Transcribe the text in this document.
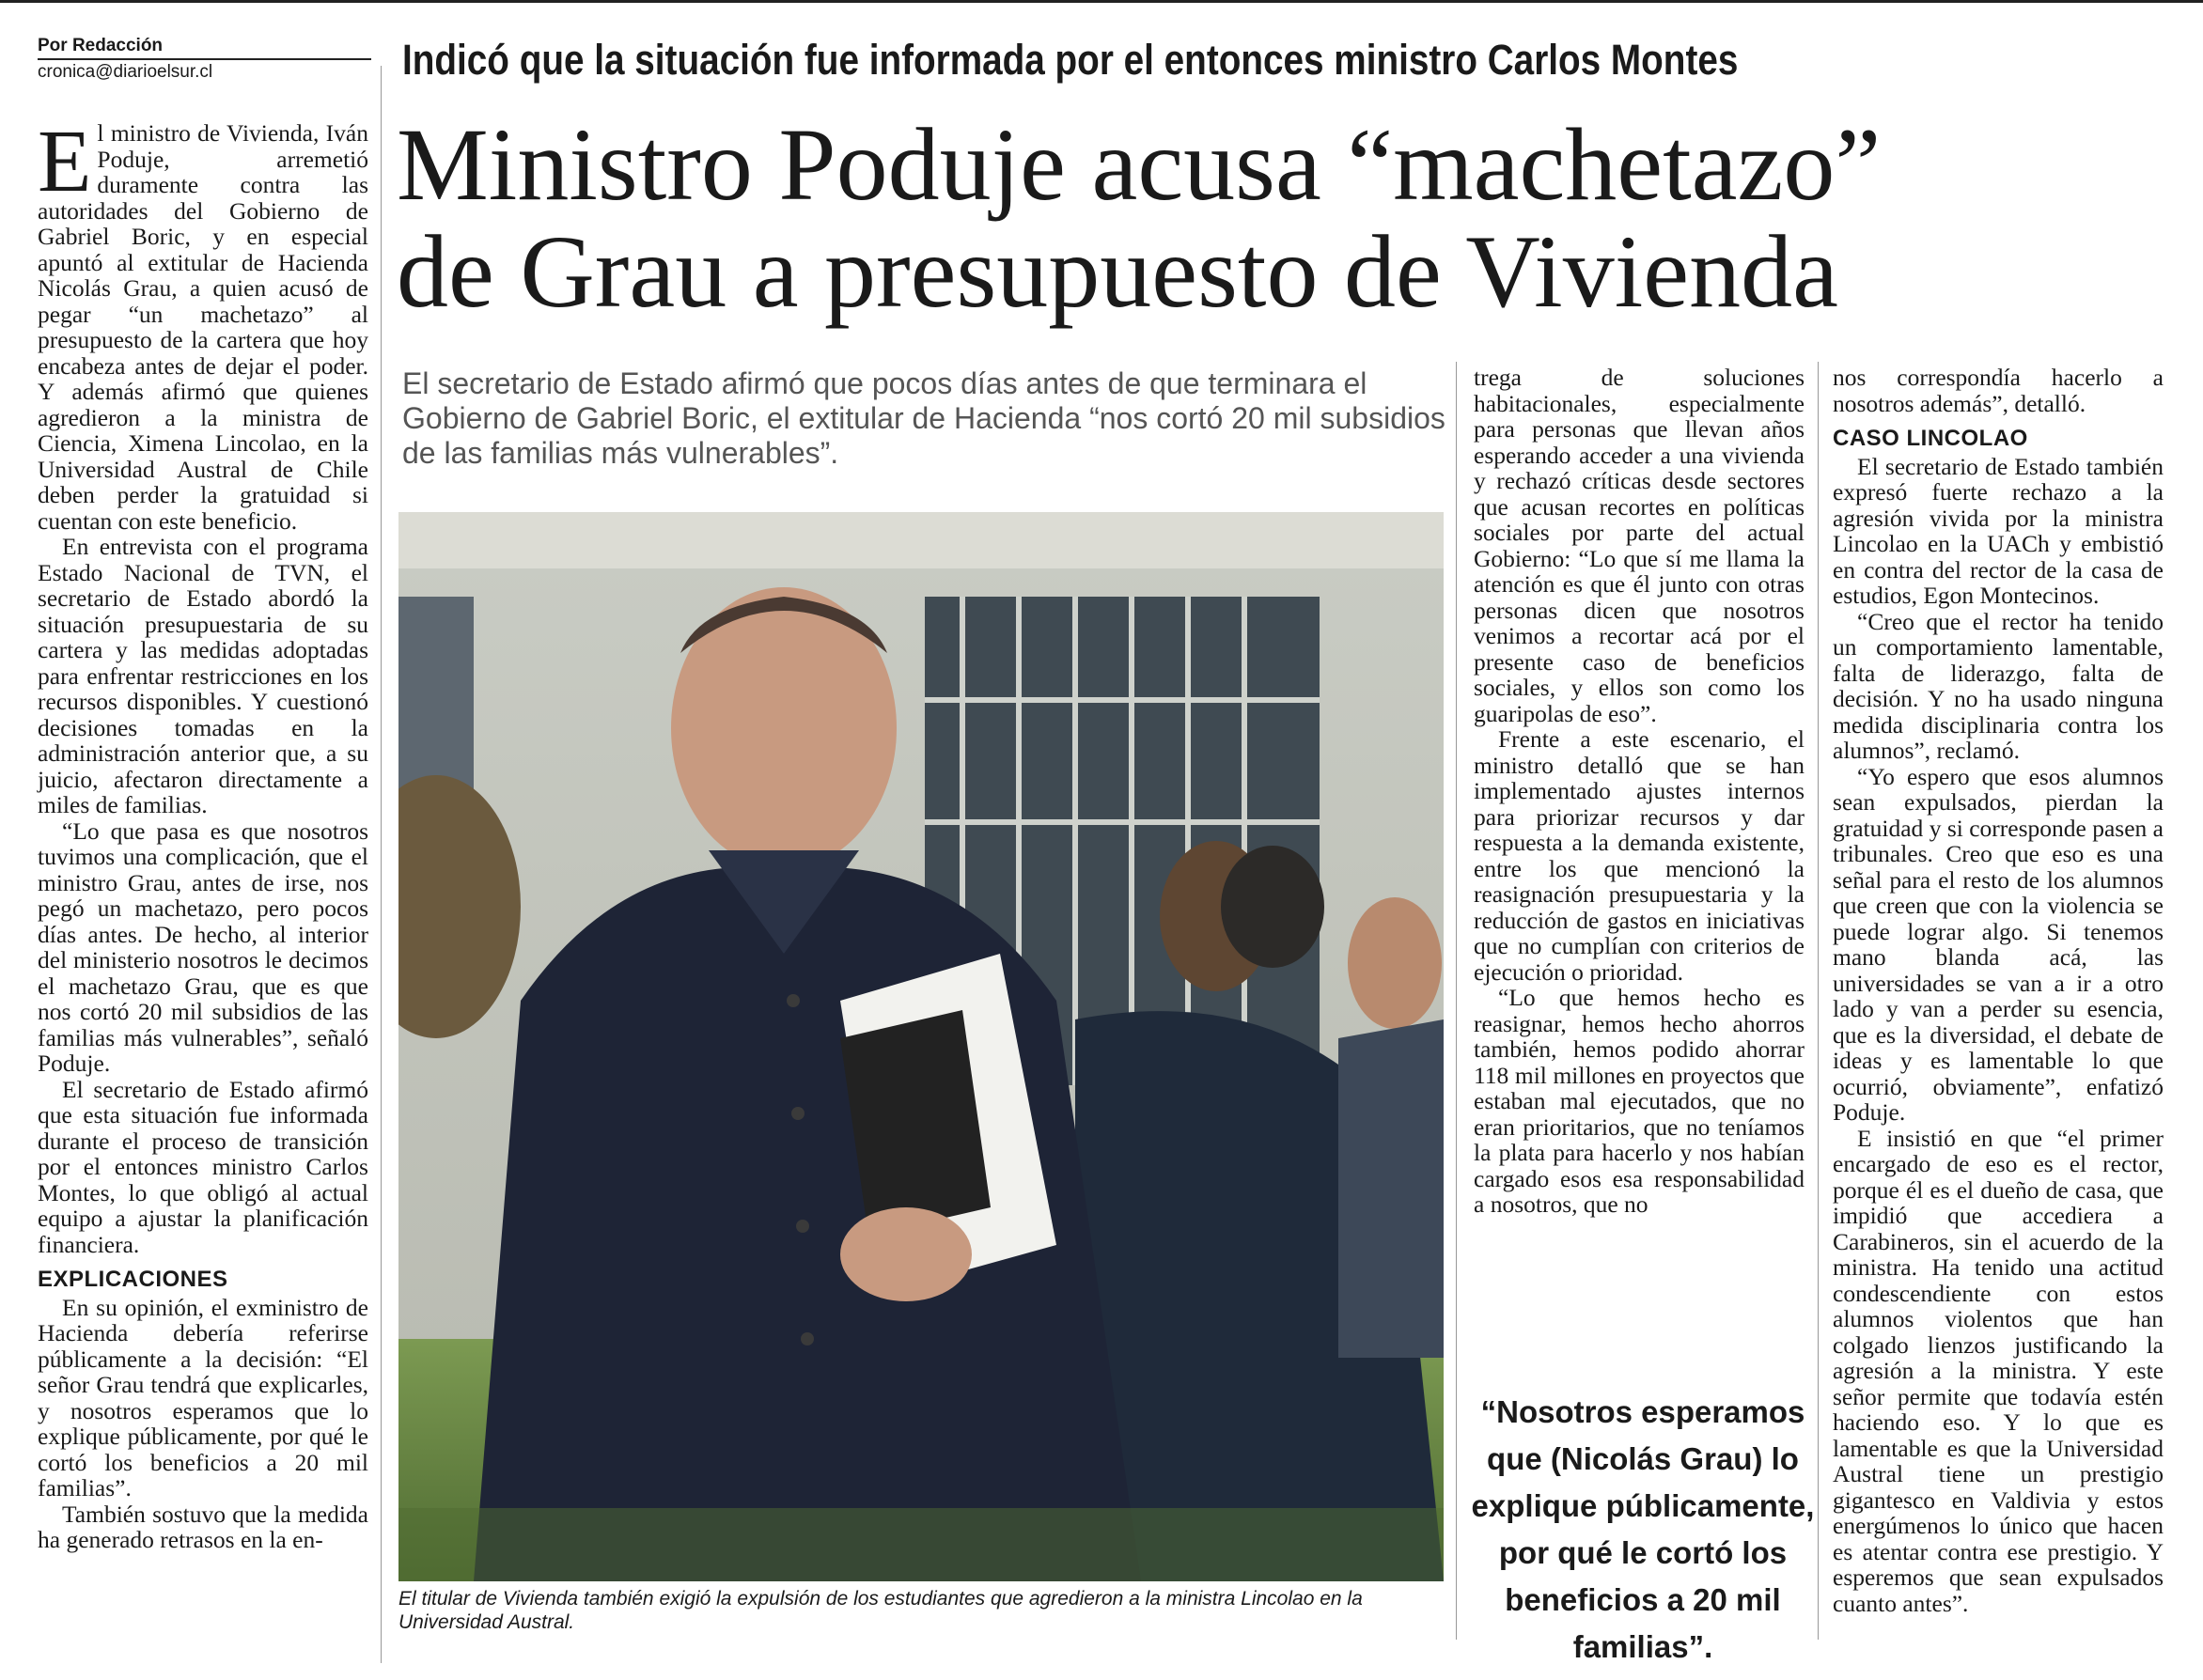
Por Redacción
cronica@diarioelsur.cl	Indicó que la situación fue informada por el entonces ministro Carlos Montes
Ministro Poduje acusa “machetazo”
de Grau a presupuesto de Vivienda
El secretario de Estado afirmó que pocos días antes de que terminara el Gobierno de Gabriel Boric, el extitular de Hacienda “nos cortó 20 mil subsidios de las familias más vulnerables”.

El ministro de Vivienda, Iván Poduje, arremetió duramente contra las autoridades del Gobierno de Gabriel Boric, y en especial apuntó al extitular de Hacienda Nicolás Grau, a quien acusó de pegar “un machetazo” al presupuesto de la cartera que hoy encabeza antes de dejar el poder. Y además afirmó que quienes agredieron a la ministra de Ciencia, Ximena Lincolao, en la Universidad Austral de Chile deben perder la gratuidad si cuentan con este beneficio.

En entrevista con el programa Estado Nacional de TVN, el secretario de Estado abordó la situación presupuestaria de su cartera y las medidas adoptadas para enfrentar restricciones en los recursos disponibles. Y cuestionó decisiones tomadas en la administración anterior que, a su juicio, afectaron directamente a miles de familias.

“Lo que pasa es que nosotros tuvimos una complicación, que el ministro Grau, antes de irse, nos pegó un machetazo, pero pocos días antes. De hecho, al interior del ministerio nosotros le decimos el machetazo Grau, que es que nos cortó 20 mil subsidios de las familias más vulnerables”, señaló Poduje.

El secretario de Estado afirmó que esta situación fue informada durante el proceso de transición por el entonces ministro Carlos Montes, lo que obligó al actual equipo a ajustar la planificación financiera.

EXPLICACIONES

En su opinión, el exministro de Hacienda debería referirse públicamente a la decisión: “El señor Grau tendrá que explicarles, y nosotros esperamos que lo explique públicamente, por qué le cortó los beneficios a 20 mil familias”.

También sostuvo que la medida ha generado retrasos en la en-

El titular de Vivienda también exigió la expulsión de los estudiantes que agredieron a la ministra Lincolao en la Universidad Austral.

trega de soluciones habitacionales, especialmente para personas que llevan años esperando acceder a una vivienda y rechazó críticas desde sectores que acusan recortes en políticas sociales por parte del actual Gobierno: “Lo que sí me llama la atención es que él junto con otras personas dicen que nosotros venimos a recortar acá por el presente caso de beneficios sociales, y ellos son como los guaripolas de eso”.

Frente a este escenario, el ministro detalló que se han implementado ajustes internos para priorizar recursos y dar respuesta a la demanda existente, entre los que mencionó la reasignación presupuestaria y la reducción de gastos en iniciativas que no cumplían con criterios de ejecución o prioridad.

“Lo que hemos hecho es reasignar, hemos hecho ahorros también, hemos podido ahorrar 118 mil millones en proyectos que estaban mal ejecutados, que no eran prioritarios, que no teníamos la plata para hacerlo y nos habían cargado esos esa responsabilidad a nosotros, que no

“Nosotros esperamos que (Nicolás Grau) lo explique públicamente, por qué le cortó los beneficios a 20 mil familias”.

nos correspondía hacerlo a nosotros además”, detalló.

CASO LINCOLAO

El secretario de Estado también expresó fuerte rechazo a la agresión vivida por la ministra Lincolao en la UACh y embistió en contra del rector de la casa de estudios, Egon Montecinos.

“Creo que el rector ha tenido un comportamiento lamentable, falta de liderazgo, falta de decisión. Y no ha usado ninguna medida disciplinaria contra los alumnos”, reclamó.

“Yo espero que esos alumnos sean expulsados, pierdan la gratuidad y si corresponde pasen a tribunales. Creo que eso es una señal para el resto de los alumnos que creen que con la violencia se puede lograr algo. Si tenemos mano blanda acá, las universidades se van a ir a otro lado y van a perder su esencia, que es la diversidad, el debate de ideas y es lamentable lo que ocurrió, obviamente”, enfatizó Poduje.

E insistió en que “el primer encargado de eso es el rector, porque él es el dueño de casa, que impidió que accediera a Carabineros, sin el acuerdo de la ministra. Ha tenido una actitud condescendiente con estos alumnos violentos que han colgado lienzos justificando la agresión a la ministra. Y este señor permite que todavía estén haciendo eso. Y lo que es lamentable es que la Universidad Austral tiene un prestigio gigantesco en Valdivia y estos energúmenos lo único que hacen es atentar contra ese prestigio. Y esperemos que sean expulsados cuanto antes”.
